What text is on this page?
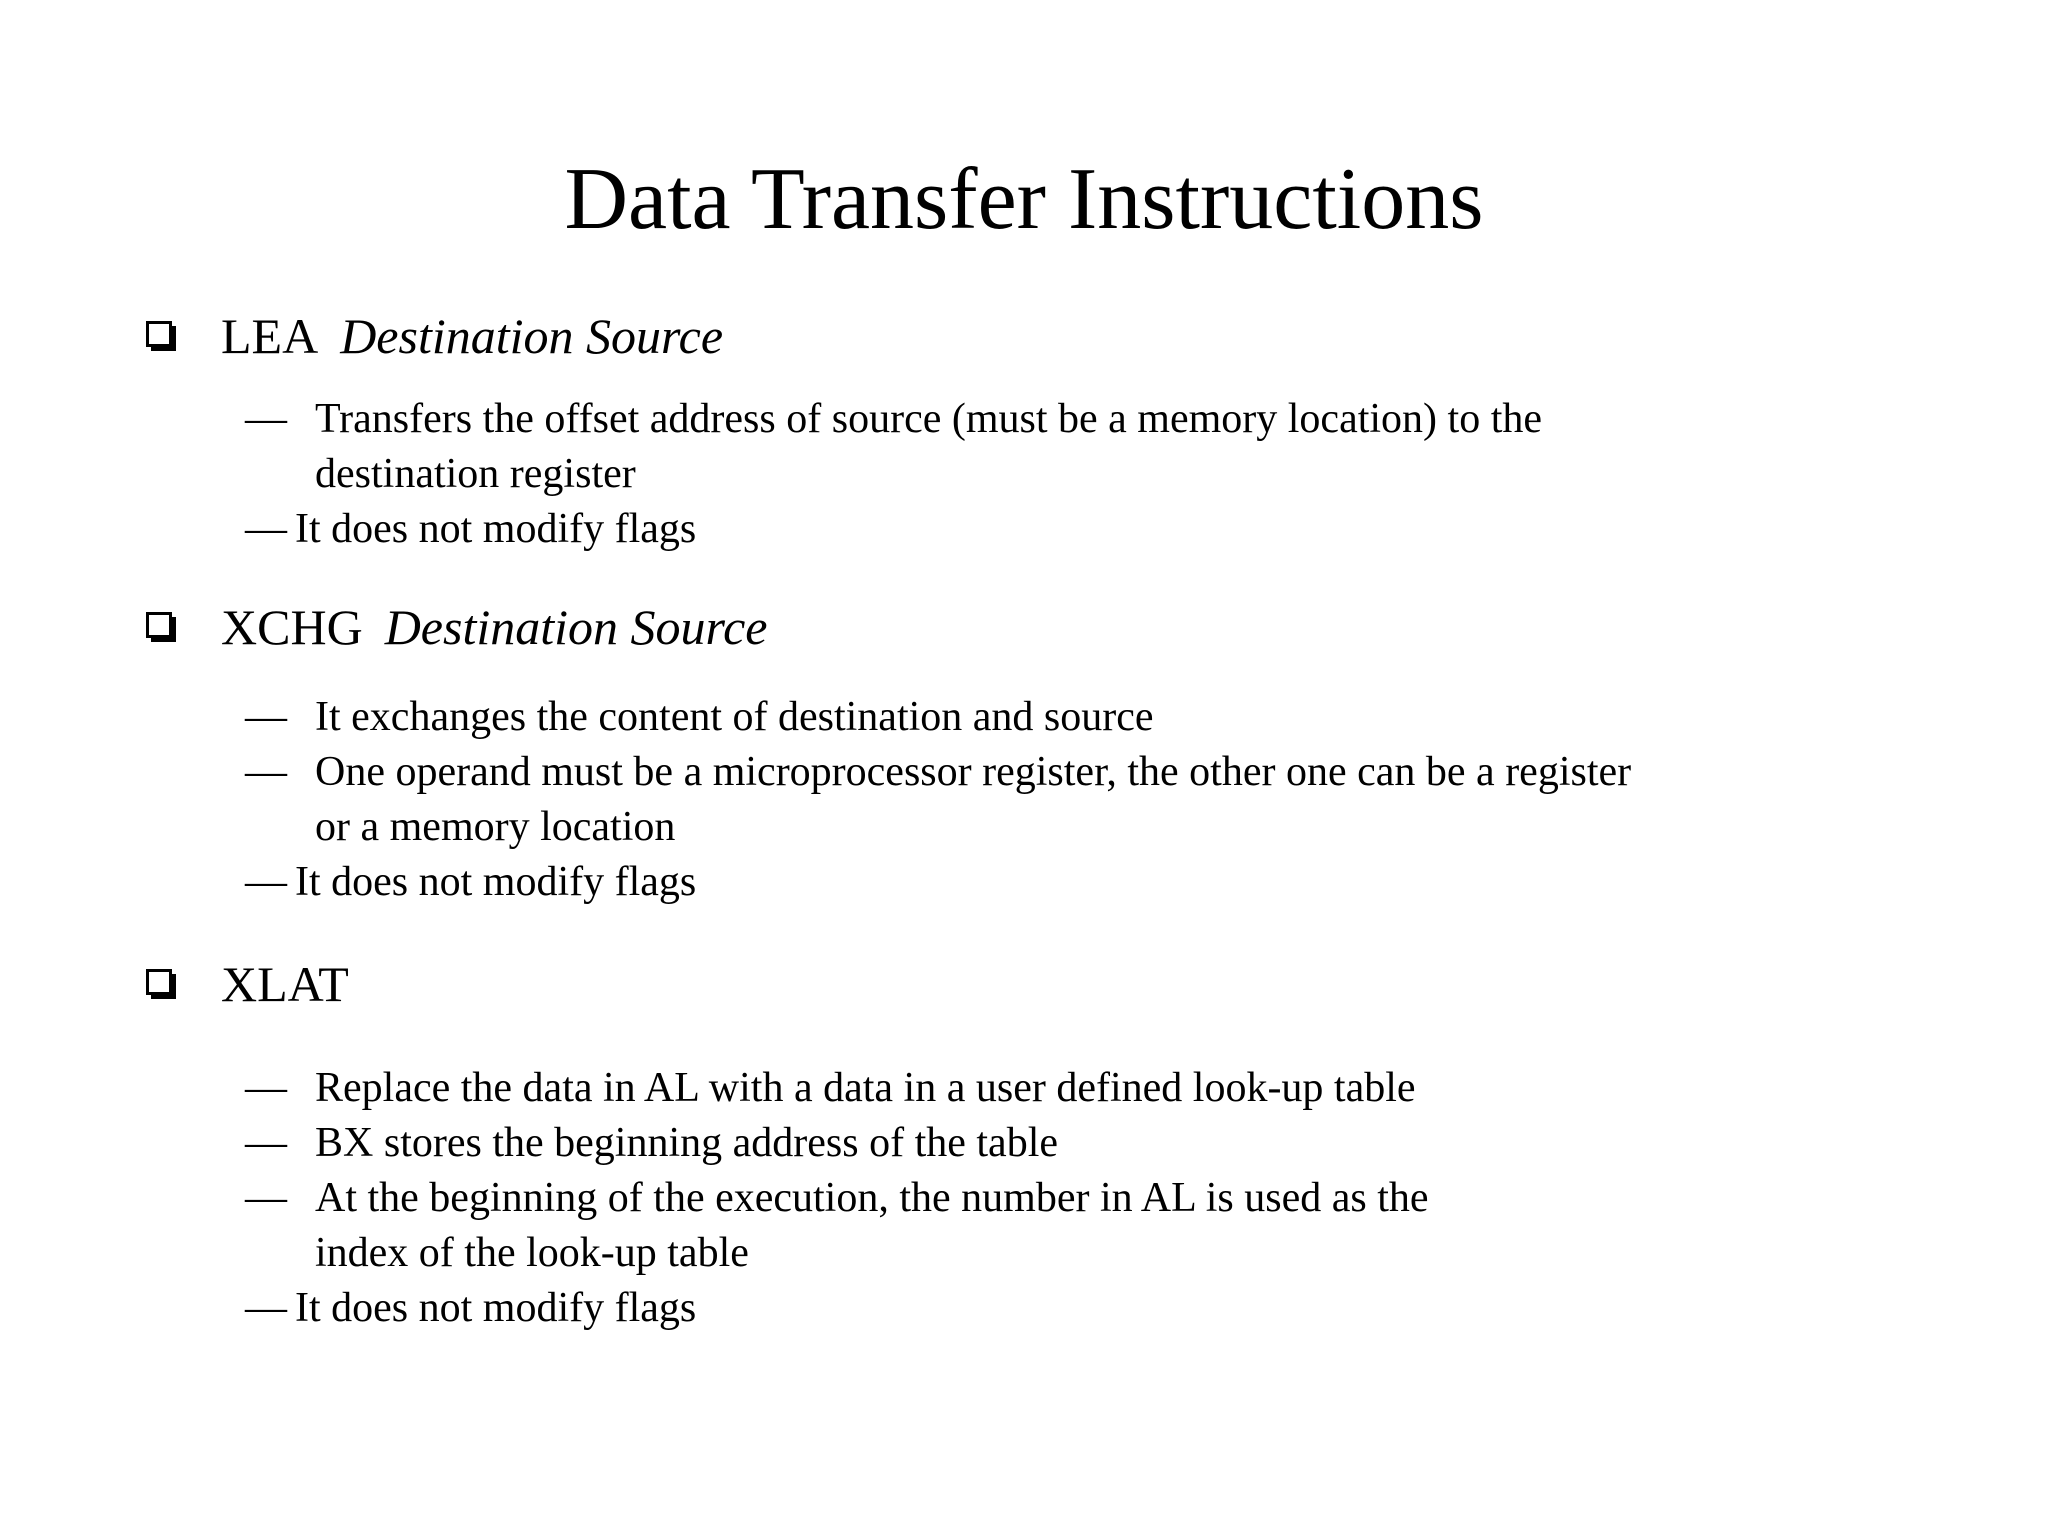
Data Transfer Instructions
LEA Destination Source
— Transfers the offset address of source (must be a memory location) to the
destination register
— It does not modify flags
XCHG Destination Source
— It exchanges the content of destination and source
— One operand must be a microprocessor register, the other one can be a register
or a memory location
— It does not modify flags
XLAT
— Replace the data in AL with a data in a user defined look-up table
— BX stores the beginning address of the table
— At the beginning of the execution, the number in AL is used as the
index of the look-up table
— It does not modify flags
